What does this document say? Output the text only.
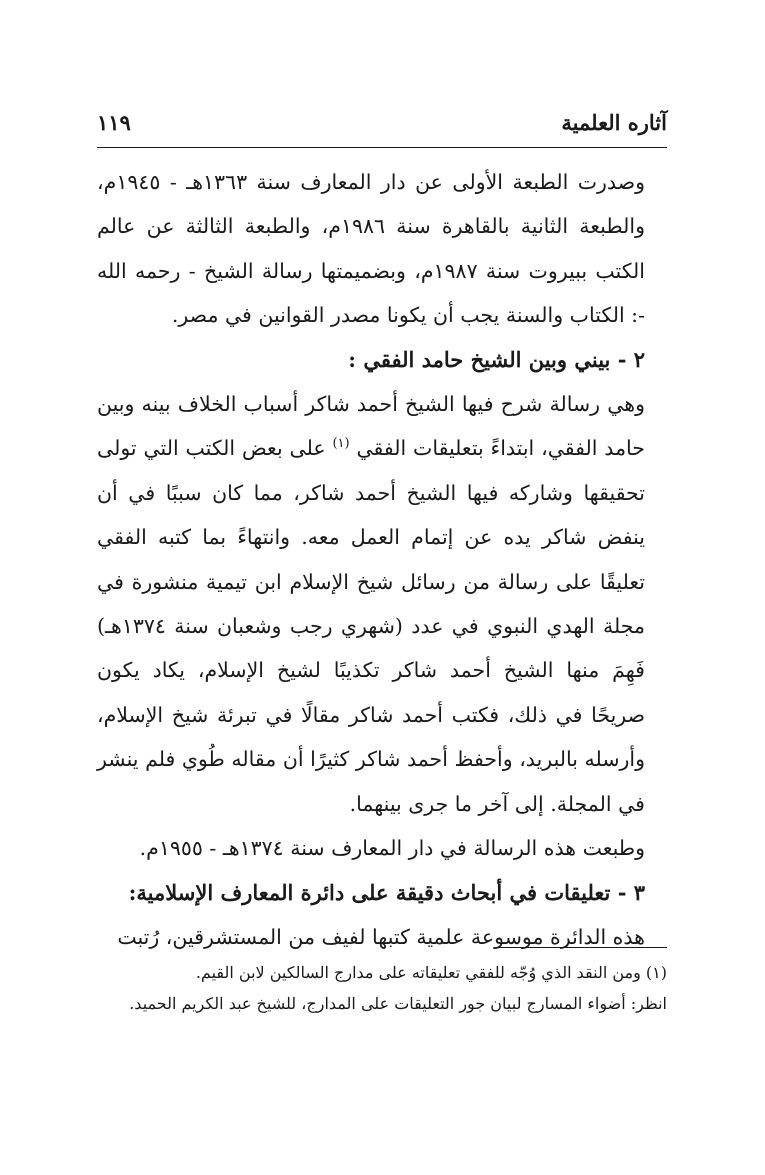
آثاره العلمية
١١٩

وصدرت الطبعة الأولى عن دار المعارف سنة ١٣٦٣هـ - ١٩٤٥م، والطبعة الثانية بالقاهرة سنة ١٩٨٦م، والطبعة الثالثة عن عالم الكتب ببيروت سنة ١٩٨٧م، وبضميمتها رسالة الشيخ - رحمه الله -: الكتاب والسنة يجب أن يكونا مصدر القوانين في مصر.

٢ - بيني وبين الشيخ حامد الفقي :

وهي رسالة شرح فيها الشيخ أحمد شاكر أسباب الخلاف بينه وبين حامد الفقي، ابتداءً بتعليقات الفقي $^{(١)}$ على بعض الكتب التي تولى تحقيقها وشاركه فيها الشيخ أحمد شاكر، مما كان سببًا في أن ينفض شاكر يده عن إتمام العمل معه. وانتهاءً بما كتبه الفقي تعليقًا على رسالة من رسائل شيخ الإسلام ابن تيمية منشورة في مجلة الهدي النبوي في عدد (شهري رجب وشعبان سنة ١٣٧٤هـ) فَهِمَ منها الشيخ أحمد شاكر تكذيبًا لشيخ الإسلام، يكاد يكون صريحًا في ذلك، فكتب أحمد شاكر مقالًا في تبرئة شيخ الإسلام، وأرسله بالبريد، وأحفظ أحمد شاكر كثيرًا أن مقاله طُوي فلم ينشر في المجلة. إلى آخر ما جرى بينهما.

وطبعت هذه الرسالة في دار المعارف سنة ١٣٧٤هـ - ١٩٥٥م.

٣ - تعليقات في أبحاث دقيقة على دائرة المعارف الإسلامية:

هذه الدائرة موسوعة علمية كتبها لفيف من المستشرقين، رُتبت

(١) ومن النقد الذي وُجّه للفقي تعليقاته على مدارج السالكين لابن القيم.

انظر: أضواء المسارج لبيان جور التعليقات على المدارج، للشيخ عبد الكريم الحميد.
